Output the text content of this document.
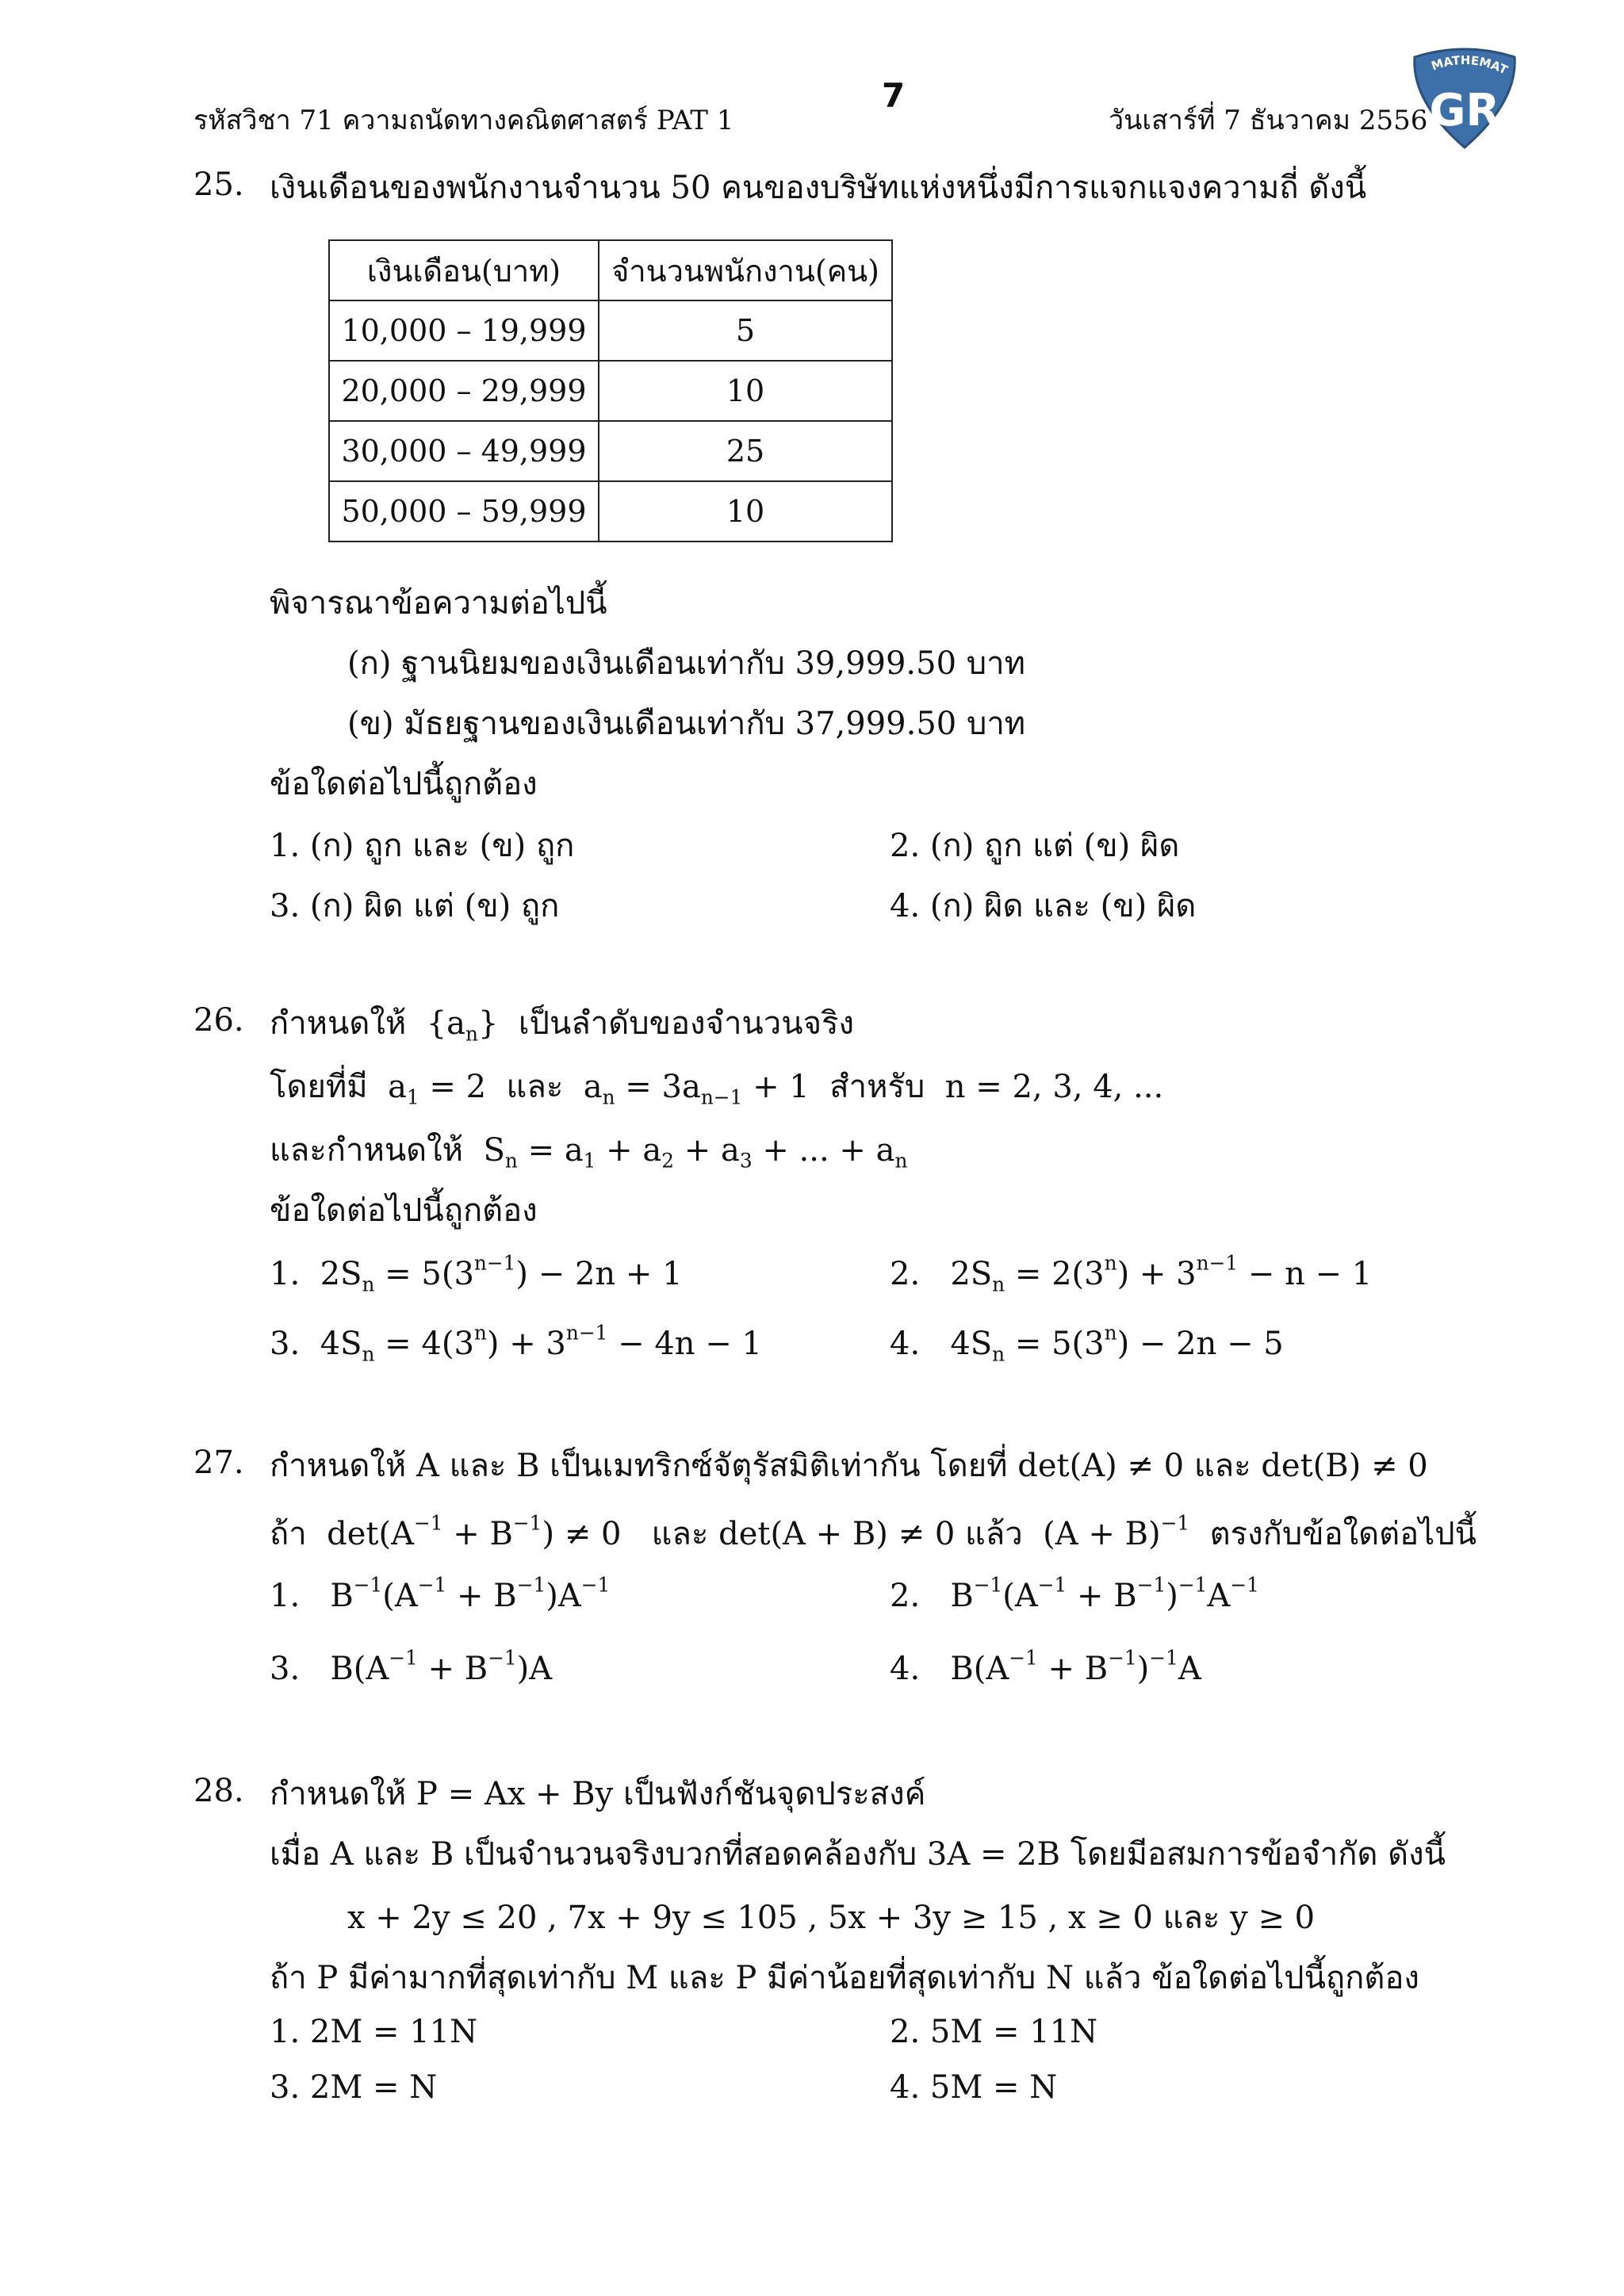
รหัสวิชา 71 ความถนัดทางคณิตศาสตร์ PAT 1
7
วันเสาร์ที่ 7 ธันวาคม 2556
MATHEMAT
GR
25. เงินเดือนของพนักงานจำนวน 50 คนของบริษัทแห่งหนึ่งมีการแจกแจงความถี่ ดังนี้
เงินเดือน(บาท)	จำนวนพนักงาน(คน)
10,000 – 19,999	5
20,000 – 29,999	10
30,000 – 49,999	25
50,000 – 59,999	10
พิจารณาข้อความต่อไปนี้
(ก) ฐานนิยมของเงินเดือนเท่ากับ 39,999.50 บาท
(ข) มัธยฐานของเงินเดือนเท่ากับ 37,999.50 บาท
ข้อใดต่อไปนี้ถูกต้อง
1. (ก) ถูก และ (ข) ถูก	2. (ก) ถูก แต่ (ข) ผิด
3. (ก) ผิด แต่ (ข) ถูก	4. (ก) ผิด และ (ข) ผิด
26. กำหนดให้  $\{a_n\}$  เป็นลำดับของจำนวนจริง
โดยที่มี  $a_1 = 2$  และ  $a_n = 3a_{n-1} + 1$  สำหรับ n = 2, 3, 4, ...
และกำหนดให้  $S_n = a_1 + a_2 + a_3$ + ... + $a_n$
ข้อใดต่อไปนี้ถูกต้อง
1.  $2S_n = 5(3^{n-1}) - 2n + 1$	2.   $2S_n = 2(3^n) + 3^{n-1} - n - 1$
3.  $4S_n = 4(3^n) + 3^{n-1} - 4n - 1$	4.   $4S_n = 5(3^n) - 2n - 5$
27. กำหนดให้ A และ B เป็นเมทริกซ์จัตุรัสมิติเท่ากัน โดยที่ det(A) ≠ 0 และ det(B) ≠ 0
ถ้า  $\det(A^{-1} + B^{-1}) \ne 0$   และ det(A + B) ≠ 0 แล้ว  $(A + B)^{-1}$ ตรงกับข้อใดต่อไปนี้
1.   $B^{-1}(A^{-1} + B^{-1})A^{-1}$	2.   $B^{-1}(A^{-1} + B^{-1})^{-1}A^{-1}$
3.   $B(A^{-1} + B^{-1})A$	4.   $B(A^{-1} + B^{-1})^{-1}A$
28. กำหนดให้ P = Ax + By เป็นฟังก์ชันจุดประสงค์
เมื่อ A และ B เป็นจำนวนจริงบวกที่สอดคล้องกับ 3A = 2B โดยมีอสมการข้อจำกัด ดังนี้
x + 2y ≤ 20 , 7x + 9y ≤ 105 , 5x + 3y ≥ 15 , x ≥ 0 และ y ≥ 0
ถ้า P มีค่ามากที่สุดเท่ากับ M และ P มีค่าน้อยที่สุดเท่ากับ N แล้ว ข้อใดต่อไปนี้ถูกต้อง
1. 2M = 11N	2. 5M = 11N
3. 2M = N	4. 5M = N
